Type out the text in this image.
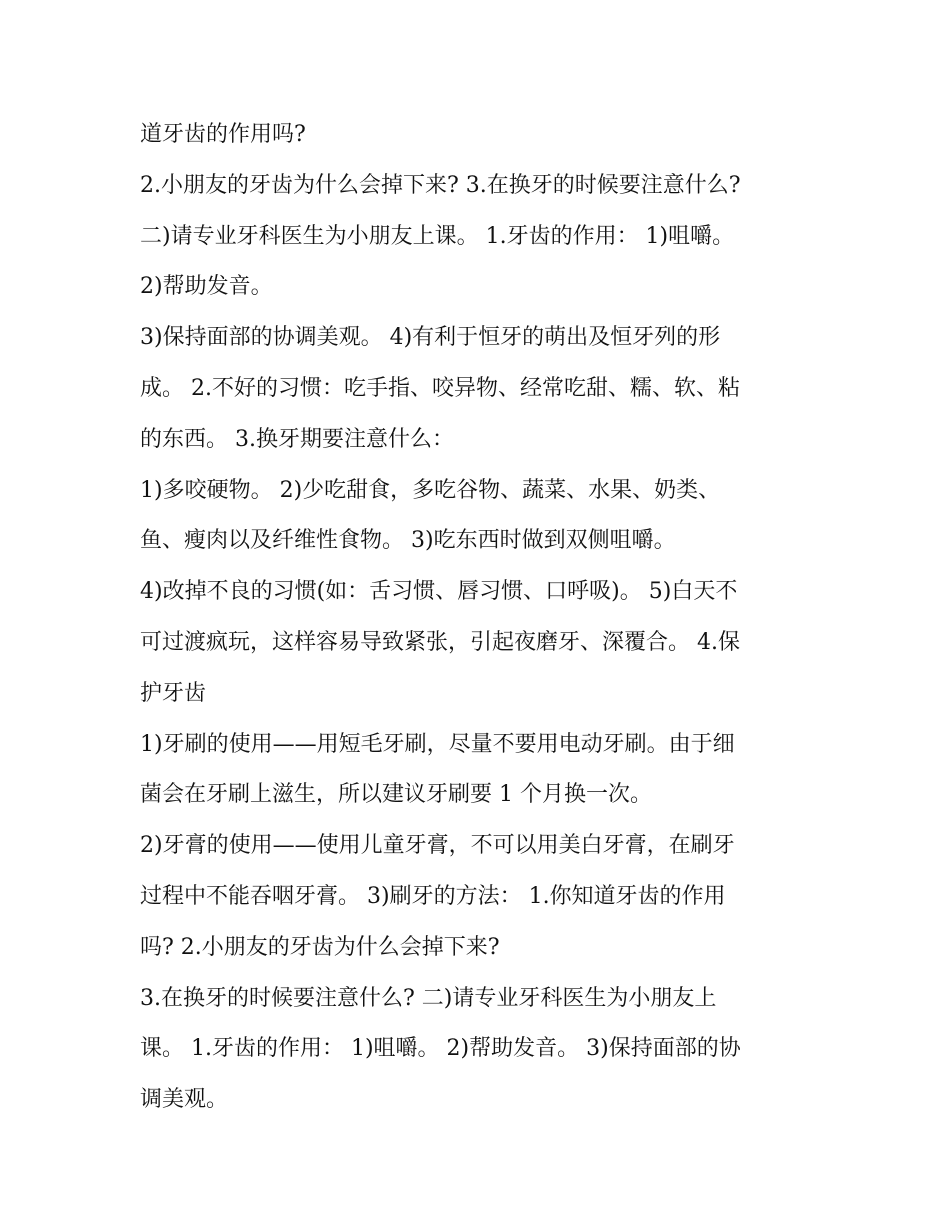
道牙齿的作用吗?

2.小朋友的牙齿为什么会掉下来? 3.在换牙的时候要注意什么?

二)请专业牙科医生为小朋友上课。 1.牙齿的作用： 1)咀嚼。

2)帮助发音。

3)保持面部的协调美观。 4)有利于恒牙的萌出及恒牙列的形

成。 2.不好的习惯：吃手指、咬异物、经常吃甜、糯、软、粘

的东西。 3.换牙期要注意什么：

1)多咬硬物。 2)少吃甜食，多吃谷物、蔬菜、水果、奶类、

鱼、瘦肉以及纤维性食物。 3)吃东西时做到双侧咀嚼。

4)改掉不良的习惯(如：舌习惯、唇习惯、口呼吸)。 5)白天不

可过渡疯玩，这样容易导致紧张，引起夜磨牙、深覆合。 4.保

护牙齿

1)牙刷的使用——用短毛牙刷，尽量不要用电动牙刷。由于细

菌会在牙刷上滋生，所以建议牙刷要 1 个月换一次。

2)牙膏的使用——使用儿童牙膏，不可以用美白牙膏，在刷牙

过程中不能吞咽牙膏。 3)刷牙的方法： 1.你知道牙齿的作用

吗? 2.小朋友的牙齿为什么会掉下来?

3.在换牙的时候要注意什么? 二)请专业牙科医生为小朋友上

课。 1.牙齿的作用： 1)咀嚼。 2)帮助发音。 3)保持面部的协

调美观。
